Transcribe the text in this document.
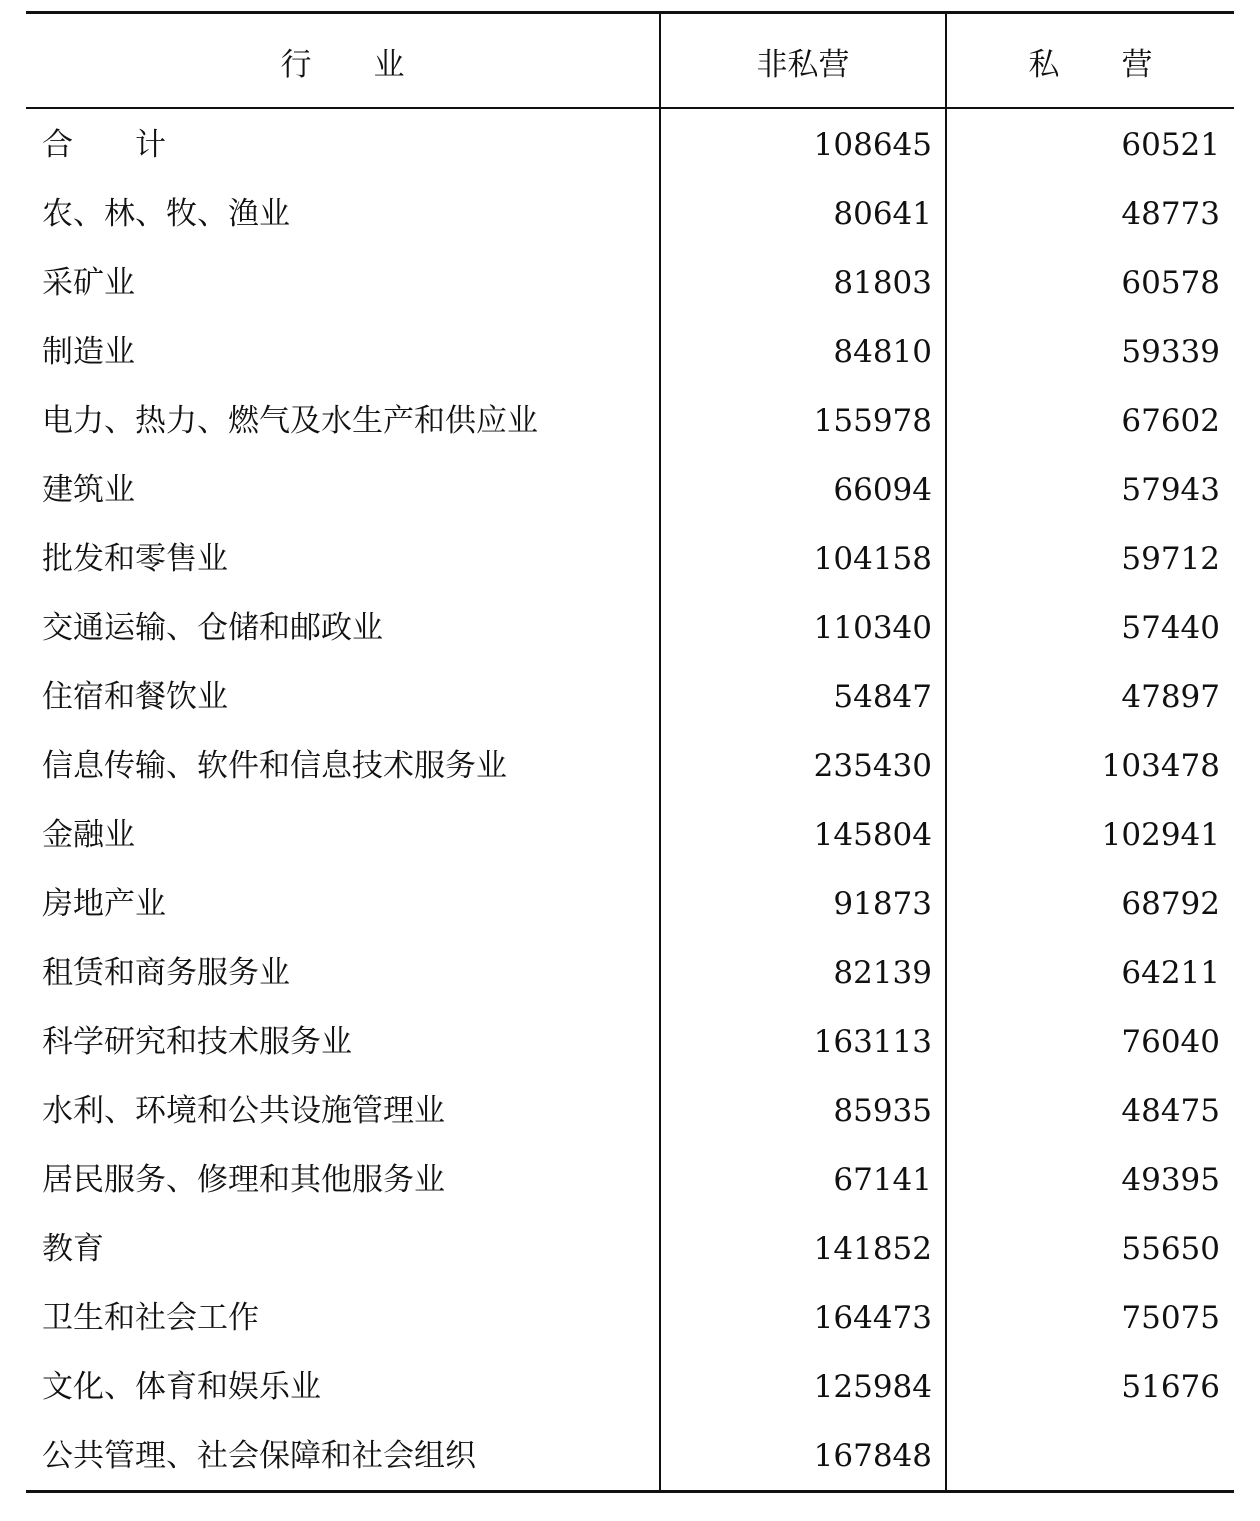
行　　业	非私营	私　　营
合　　计	108645	60521
农、林、牧、渔业	80641	48773
采矿业	81803	60578
制造业	84810	59339
电力、热力、燃气及水生产和供应业	155978	67602
建筑业	66094	57943
批发和零售业	104158	59712
交通运输、仓储和邮政业	110340	57440
住宿和餐饮业	54847	47897
信息传输、软件和信息技术服务业	235430	103478
金融业	145804	102941
房地产业	91873	68792
租赁和商务服务业	82139	64211
科学研究和技术服务业	163113	76040
水利、环境和公共设施管理业	85935	48475
居民服务、修理和其他服务业	67141	49395
教育	141852	55650
卫生和社会工作	164473	75075
文化、体育和娱乐业	125984	51676
公共管理、社会保障和社会组织	167848
